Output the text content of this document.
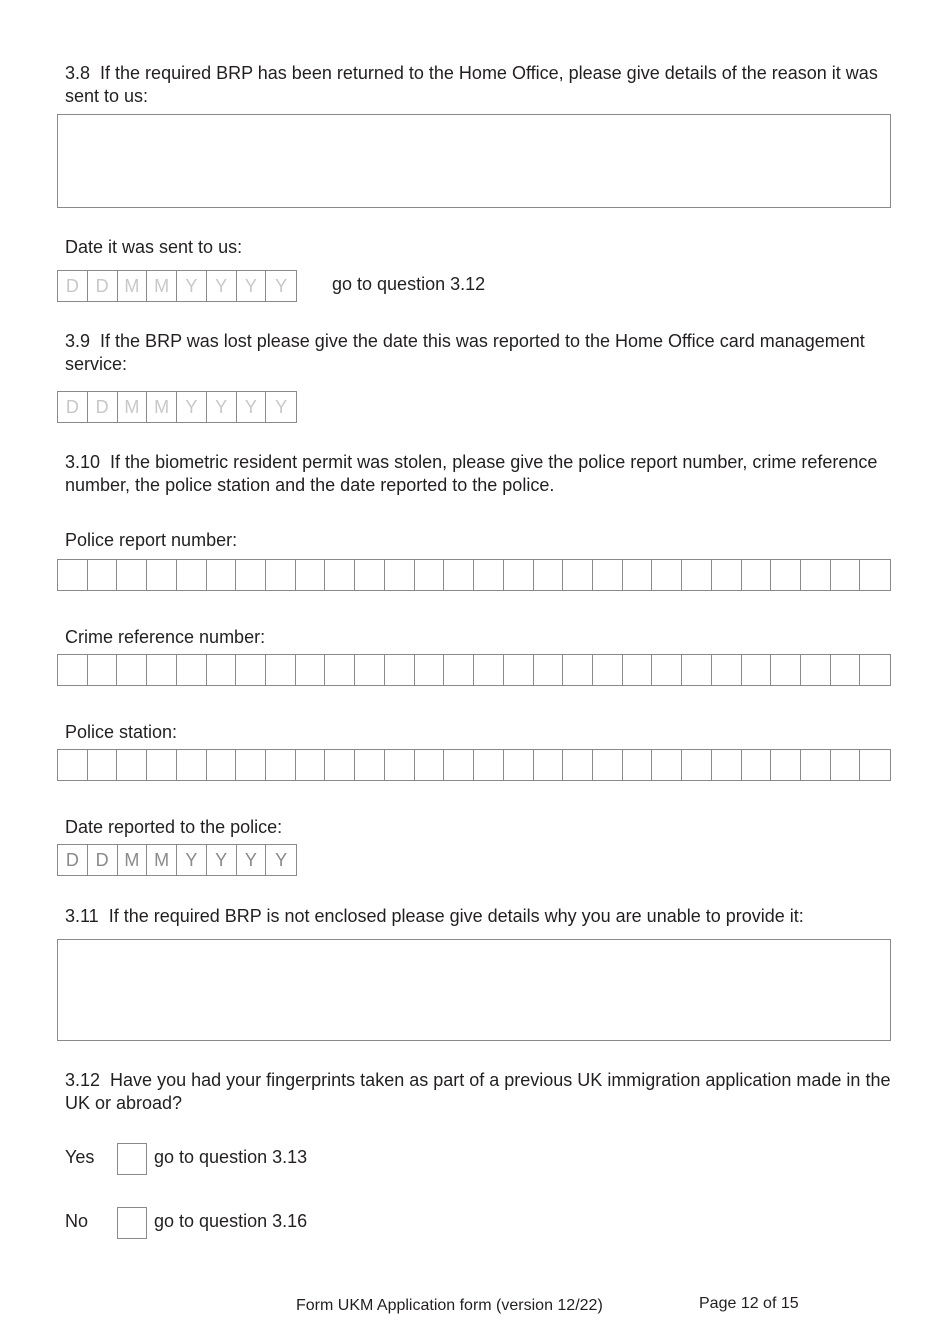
3.8 If the required BRP has been returned to the Home Office, please give details of the reason it was sent to us:
Date it was sent to us:
D D M M Y Y Y	Y	go to question 3.12
3.9 If the BRP was lost please give the date this was reported to the Home Office card management service:
D D M M Y Y Y	Y
3.10 If the biometric resident permit was stolen, please give the police report number, crime reference number, the police station and the date reported to the police.
Police report number:
Crime reference number:
Police station:
Date reported to the police:
D D M M Y Y Y	Y
3.11 If the required BRP is not enclosed please give details why you are unable to provide it:
3.12 Have you had your fingerprints taken as part of a previous UK immigration application made in the UK or abroad?
Yes	go to question 3.13
No	go to question 3.16
Form UKM Application form (version 12/22)	Page 12 of 15
